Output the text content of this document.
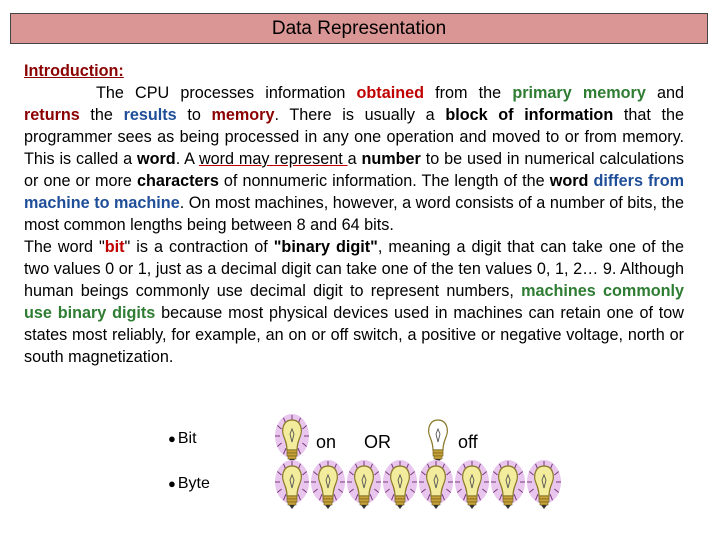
Data Representation
Introduction:
The CPU processes information obtained from the primary memory and returns the results to memory. There is usually a block of information that the programmer sees as being processed in any one operation and moved to or from memory. This is called a word. A word may represent a number to be used in numerical calculations or one or more characters of nonnumeric information. The length of the word differs from machine to machine. On most machines, however, a word consists of a number of bits, the most common lengths being between 8 and 64 bits.
The word "bit" is a contraction of "binary digit", meaning a digit that can take one of the two values 0 or 1, just as a decimal digit can take one of the ten values 0, 1, 2… 9. Although human beings commonly use decimal digit to represent numbers, machines commonly use binary digits because most physical devices used in machines can retain one of tow states most reliably, for example, an on or off switch, a positive or negative voltage, north or south magnetization.
● Bit
● Byte
on OR	off
